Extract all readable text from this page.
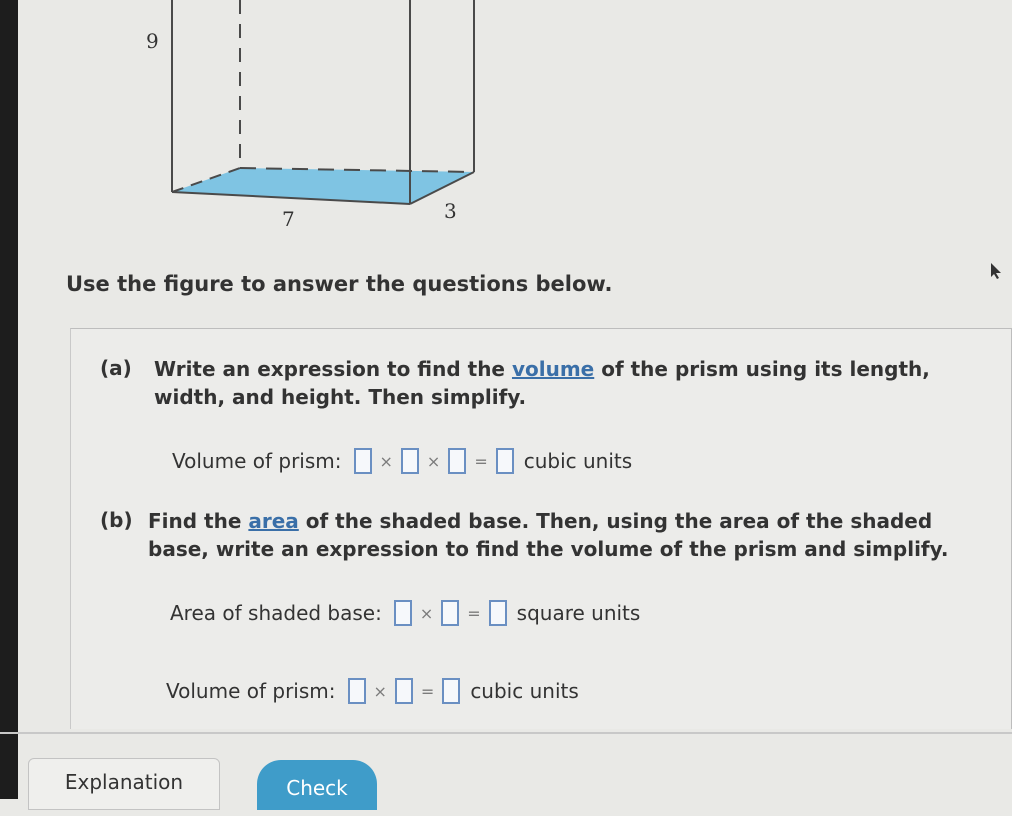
9
7	3
Use the figure to answer the questions below.
(a) Write an expression to find the volume of the prism using its length,
width, and height. Then simplify.
Volume of prism: × × = cubic units
(b) Find the area of the shaded base. Then, using the area of the shaded
base, write an expression to find the volume of the prism and simplify.
Area of shaded base: × = square units
Volume of prism: × = cubic units
Explanation	Check
